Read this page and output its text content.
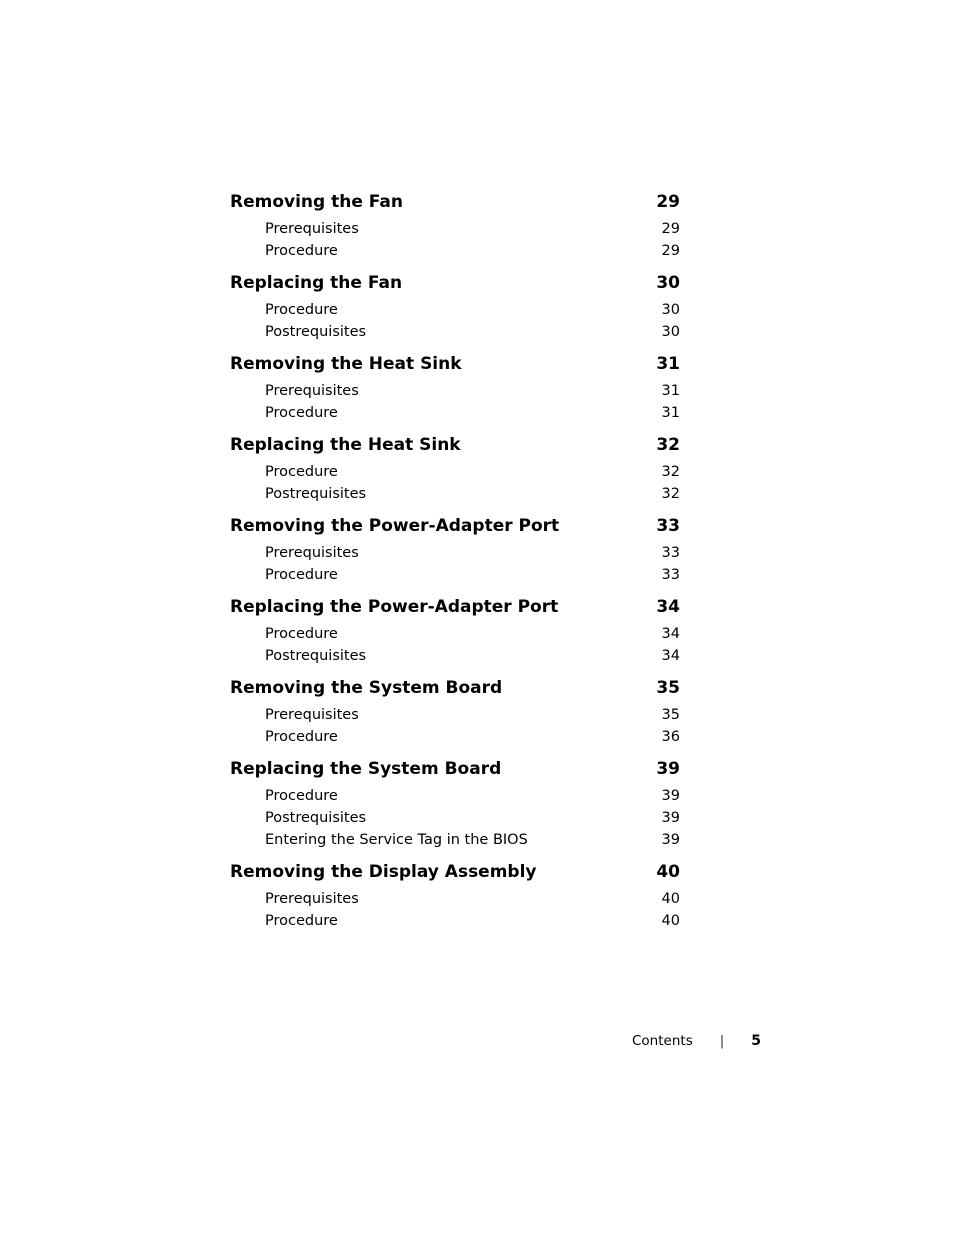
Removing the Fan	29
Prerequisites	29
Procedure	29
Replacing the Fan	30
Procedure	30
Postrequisites	30
Removing the Heat Sink	31
Prerequisites	31
Procedure	31
Replacing the Heat Sink	32
Procedure	32
Postrequisites	32
Removing the Power-Adapter Port	33
Prerequisites	33
Procedure	33
Replacing the Power-Adapter Port	34
Procedure	34
Postrequisites	34
Removing the System Board	35
Prerequisites	35
Procedure	36
Replacing the System Board	39
Procedure	39
Postrequisites	39
Entering the Service Tag in the BIOS	39
Removing the Display Assembly	40
Prerequisites	40
Procedure	40
Contents | 5
